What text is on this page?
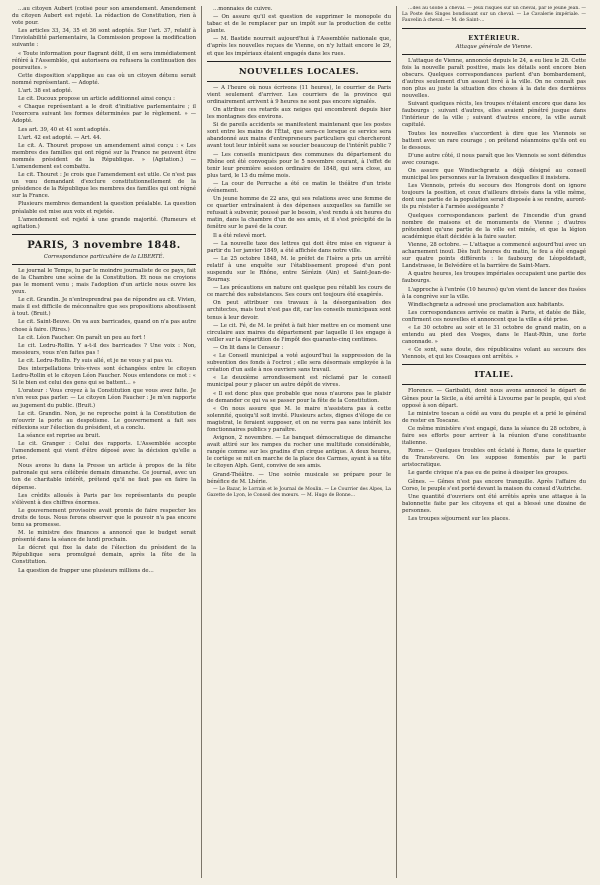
…au citoyen Aubert (cotisé pour son amendement. Amendement du citoyen Aubert est rejeté. La rédaction de Constitution, rien à vote pour.

Les articles 33, 34, 35 et 36 sont adoptés. Sur l'art. 37, relatif à l'inviolabilité parlementaire, la Commission propose la modification suivante :

« Toute information pour flagrant délit, il en sera immédiatement référé à l'Assemblée, qui autorisera ou refusera la continuation des poursuites. »

Cette disposition s'applique au cas où un citoyen détenu serait nommé représentant. — Adopté.

L'art. 38 est adopté.

Le cit. Ducoux propose un article additionnel ainsi conçu :

« Chaque représentant a le droit d'initiative parlementaire ; il l'exercera suivant les formes déterminées par le règlement. » — Adopté.

Les art. 39, 40 et 41 sont adoptés.

L'art. 42 est adopté. — Art. 44.

Le cit. A. Thouret propose un amendement ainsi conçu : « Les membres des familles qui ont régné sur la France ne peuvent être nommés président de la République. » (Agitation.) — L'amendement est combattu.

Le cit. Thouret : Je crois que l'amendement est utile. Ce n'est pas un vœu demandant d'exclure constitutionnellement de la présidence de la République les membres des familles qui ont régné sur la France.

Plusieurs membres demandent la question préalable. La question préalable est mise aux voix et rejetée.

L'amendement est rejeté à une grande majorité. (Rumeurs et agitation.)

PARIS, 3 novembre 1848.
Correspondance particulière de la LIBERTÉ.

Le journal le Temps, lu par le moindre journaliste de ce pays, fait de la Chambre une scène de la Constitution. Et nous ne croyions pas le moment venu ; mais l'adoption d'un article nous ouvre les yeux.

Le cit. Grandin. Je n'entreprendrai pas de répondre au cit. Vivien, mais il est difficile de méconnaître que ses propositions aboutissent à tout. (Bruit.)

Le cit. Saint-Beuve. On va aux barricades, quand on n'a pas autre chose à faire. (Rires.)

Le cit. Léon Faucher. On paraît un peu au fort !

Le cit. Ledru-Rollin. Y a-t-il des barricades ? Une voix : Non, messieurs, vous n'en faites pas !

Le cit. Ledru-Rollin. Fy suis allé, et je ne vous y ai pas vu.

Des interpellations très-vives sont échangées entre le citoyen Ledru-Rollin et le citoyen Léon Faucher. Nous entendons ce mot : « Si le bien est celui des gens qui se battent… »

L'orateur : Vous croyez à la Constitution que vous avez faite. Je n'en veux pas parler. — Le citoyen Léon Faucher : Je m'en rapporte au jugement du public. (Bruit.)

Le cit. Grandin. Non, je ne reproche point à la Constitution de m'ouvrir la porte au despotisme. Le gouvernement a fait ses réflexions sur l'élection du président, et a conclu.

La séance est reprise au bruit.

Le cit. Granger : Celui des rapports. L'Assemblée accepte l'amendement qui vient d'être déposé avec la décision qu'elle a prise.

Nous avons lu dans la Presse un article à propos de la fête patronale qui sera célébrée demain dimanche. Ce journal, avec un ton de charitable intérêt, prétend qu'il ne faut pas en faire la dépense.

Les crédits alloués à Paris par les représentants du peuple s'élèvent à des chiffres énormes.

Le gouvernement provisoire avait promis de faire respecter les droits de tous. Nous ferons observer que le pouvoir n'a pas encore tenu sa promesse.

M. le ministre des finances a annoncé que le budget serait présenté dans la séance de lundi prochain.

Le décret qui fixe la date de l'élection du président de la République sera promulgué demain, après la fête de la Constitution.

La question de frapper une plusieurs millions de…

…monnaies de cuivre.

— On assure qu'il est question de supprimer le monopole du tabac et de le remplacer par un impôt sur la production de cette plante.

— M. Bastide nourrait aujourd'hui à l'Assemblée nationale que, d'après les nouvelles reçues de Vienne, on n'y luttait encore le 29, et que les impériaux étaient engagés dans les rues.

NOUVELLES LOCALES.

— A l'heure où nous écrivons (11 heures), le courrier de Paris vient seulement d'arriver. Les courriers de la province qui ordinairement arrivent à 9 heures ne sont pas encore signalés.

On attribue ces retards aux neiges qui encombrent depuis hier les montagnes des environs.

Si de pareils accidents se manifestent maintenant que les postes sont entre les mains de l'État, que sera-ce lorsque ce service sera abandonné aux mains d'entrepreneurs particuliers qui chercheront avant tout leur intérêt sans se soucier beaucoup de l'intérêt public ?

— Les conseils municipaux des communes du département du Rhône ont été convoqués pour le 5 novembre courant, à l'effet de tenir leur première session ordinaire de 1848, qui sera close, au plus tard, le 13 du même mois.

— La cour de Perruche a été ce matin le théâtre d'un triste événement.

Un jeune homme de 22 ans, qui ses relations avec une femme de ce quartier entraînaient à des dépenses auxquelles sa famille se refusait à subvenir, poussé par le besoin, s'est rendu à six heures du matin, dans la chambre d'un de ses amis, et il s'est précipité de la fenêtre sur le pavé de la cour.

Il a été relevé mort.

— La nouvelle taxe des lettres qui doit être mise en vigueur à partir du 1er janvier 1849, a été affichée dans notre ville.

— Le 25 octobre 1848, M. le préfet de l'Isère a pris un arrêté relatif à une enquête sur l'établissement proposé d'un pont suspendu sur le Rhône, entre Sérézin (Ain) et Saint-Jean-de-Bournay.

— Les précautions en nature ont quelque peu rétabli les cours de ce marché des subsistances. Ses cours ont toujours été exagérés.

On peut attribuer ces travaux à la désorganisation des architectes, mais tout n'est pas dit, car les conseils municipaux sont tenus à leur devoir.

— Le cit. Fé, de M. le préfet à fait hier mettre en ce moment une circulaire aux maires du département par laquelle il les engage à veiller sur la répartition de l'impôt des quarante-cinq centimes.

— On lit dans le Censeur :

« Le Conseil municipal a voté aujourd'hui la suppression de la subvention des fonds à l'octroi ; elle sera désormais employée à la création d'un asile à nos ouvriers sans travail.

« Le deuxième arrondissement est réclamé par le conseil municipal pour y placer un autre dépôt de vivres.

« Il est donc plus que probable que nous n'aurons pas le plaisir de demander ce qui va se passer pour la fête de la Constitution.

« On nous assure que M. le maire n'assistera pas à cette solennité, quoiqu'il soit invité. Plusieurs actes, dignes d'éloge de ce magistrat, le feraient supposer, et on ne verra pas sans intérêt les fonctionnaires publics y paraître.

Avignon, 2 novembre. — Le banquet démocratique de dimanche avait attiré sur les rampes du rocher une multitude considérable, rangée comme sur les gradins d'un cirque antique. A deux heures, le cortège se mit en marche de la place des Carmes, ayant à sa tête le citoyen Alph. Gent, convive de ses amis.

Grand-Théâtre. — Une soirée musicale se prépare pour le bénéfice de M. Lhérie.

— Le Bazar, le Lorrain et le Journal de Moulin. — Le Courrier des Alpes, La Gazette de Lyon, le Conseil des mœurs. — M. Hugo de Bonne…

…des au Globe à cheval. — Jeux risqués sur un cheval, par le jeune Jean. — La Poste des Singes bondissant sur un cheval. — Le Cavalerie impériale. — Fauvelin à cheval. — M. de Saint-…

EXTÉRIEUR.
Attaque générale de Vienne.

L'attaque de Vienne, annoncée depuis le 24, a eu lieu le 28. Cette fois la nouvelle paraît positive, mais les détails sont encore bien obscurs. Quelques correspondances parlent d'un bombardement, d'autres seulement d'un assaut livré à la ville. On ne connaît pas non plus au juste la situation des choses à la date des dernières nouvelles.

Suivant quelques récits, les troupes n'étaient encore que dans les faubourgs ; suivant d'autres, elles avaient pénétré jusque dans l'intérieur de la ville ; suivant d'autres encore, la ville aurait capitulé.

Toutes les nouvelles s'accordent à dire que les Viennois se battent avec un rare courage ; on prétend néanmoins qu'ils ont eu le dessous.

D'une autre côté, il nous paraît que les Viennois se sont défendus avec courage.

On assure que Windischgrætz a déjà désigné au conseil municipal les personnes sur la livraison desquelles il insistera.

Les Viennois, privés du secours des Hongrois dont on ignore toujours la position, et ceux d'ailleurs divisés dans la ville même, dont une partie de la population serait disposée à se rendre, auront-ils pu résister à l'armée assiégeante ?

Quelques correspondances parlent de l'incendie d'un grand nombre de maisons et de monuments de Vienne ; d'autres prétendent qu'une partie de la ville est minée, et que la légion académique était décidée à la faire sauter.

Vienne, 28 octobre. — L'attaque a commencé aujourd'hui avec un acharnement inouï. Dès huit heures du matin, le feu a été engagé sur quatre points différents : le faubourg de Léopoldstadt, Landstrasse, le Belvédère et la barrière de Saint-Marx.

A quatre heures, les troupes impériales occupaient une partie des faubourgs.

L'approche à l'entrée (10 heures) qu'on vient de lancer des fusées à la congrève sur la ville.

Windischgrætz a adressé une proclamation aux habitants.

Les correspondances arrivée ce matin à Paris, et datée de Bâle, confirment ces nouvelles et annoncent que la ville a été prise.

« Le 30 octobre au soir et le 31 octobre de grand matin, on a entendu au pied des Vosges, dans le Haut-Rhin, une forte canonnade. »

« Ce sont, sans doute, des républicains volant au secours des Viennois, et qui les Cosaques ont arrêtés. »

ITALIE.

Florence. — Garibaldi, dont nous avons annoncé le départ de Gênes pour la Sicile, a été arrêté à Livourne par le peuple, qui s'est opposé à son départ.

Le ministre toscan a cédé au vœu du peuple et a prié le général de rester en Toscane.

Ce même ministère s'est engagé, dans la séance du 28 octobre, à faire ses efforts pour arriver à la réunion d'une constituante italienne.

Rome. — Quelques troubles ont éclaté à Rome, dans le quartier du Transtevere. On les suppose fomentés par le parti aristocratique.

Le garde civique n'a pas eu de peine à dissiper les groupes.

Gênes. — Gênes n'est pas encore tranquille. Après l'affaire du Corso, le peuple s'est porté devant la maison du consul d'Autriche.

Une quantité d'ouvriers ont été arrêtés après une attaque à la baïonnette faite par les citoyens et qui a blessé une dizaine de personnes.

Les troupes séjournent sur les places.
